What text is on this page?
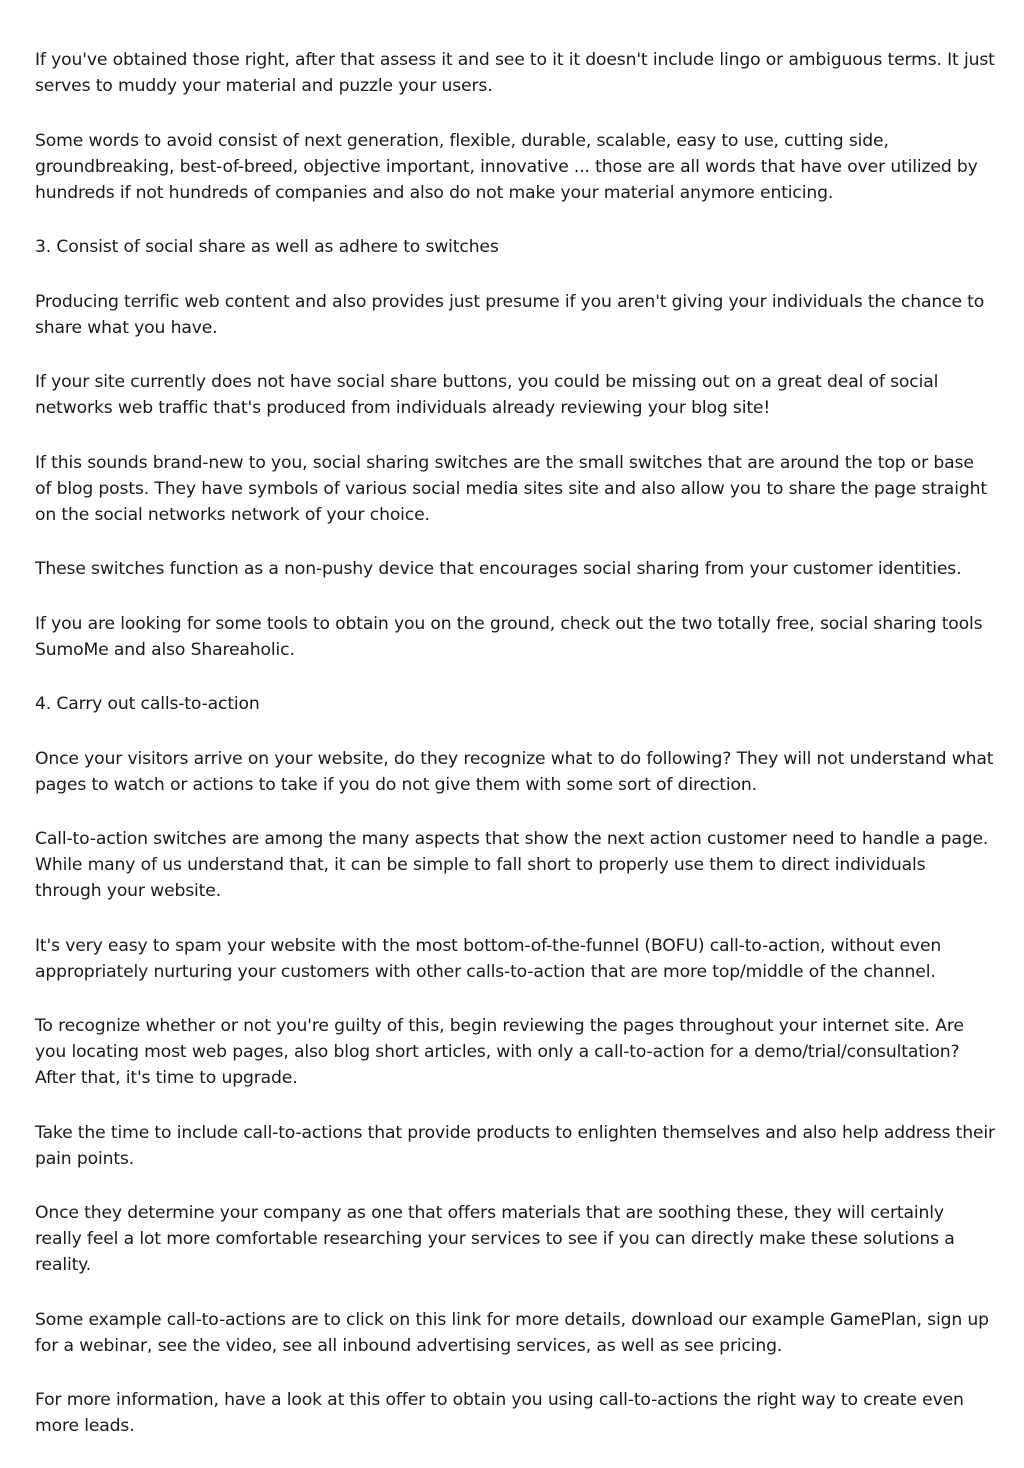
If you've obtained those right, after that assess it and see to it it doesn't include lingo or ambiguous terms. It just serves to muddy your material and puzzle your users.

Some words to avoid consist of next generation, flexible, durable, scalable, easy to use, cutting side, groundbreaking, best-of-breed, objective important, innovative ... those are all words that have over utilized by hundreds if not hundreds of companies and also do not make your material anymore enticing.

3. Consist of social share as well as adhere to switches

Producing terrific web content and also provides just presume if you aren't giving your individuals the chance to share what you have.

If your site currently does not have social share buttons, you could be missing out on a great deal of social networks web traffic that's produced from individuals already reviewing your blog site!

If this sounds brand-new to you, social sharing switches are the small switches that are around the top or base of blog posts. They have symbols of various social media sites site and also allow you to share the page straight on the social networks network of your choice.

These switches function as a non-pushy device that encourages social sharing from your customer identities.

If you are looking for some tools to obtain you on the ground, check out the two totally free, social sharing tools SumoMe and also Shareaholic.

4. Carry out calls-to-action

Once your visitors arrive on your website, do they recognize what to do following? They will not understand what pages to watch or actions to take if you do not give them with some sort of direction.

Call-to-action switches are among the many aspects that show the next action customer need to handle a page. While many of us understand that, it can be simple to fall short to properly use them to direct individuals through your website.

It's very easy to spam your website with the most bottom-of-the-funnel (BOFU) call-to-action, without even appropriately nurturing your customers with other calls-to-action that are more top/middle of the channel.

To recognize whether or not you're guilty of this, begin reviewing the pages throughout your internet site. Are you locating most web pages, also blog short articles, with only a call-to-action for a demo/trial/consultation? After that, it's time to upgrade.

Take the time to include call-to-actions that provide products to enlighten themselves and also help address their pain points.

Once they determine your company as one that offers materials that are soothing these, they will certainly really feel a lot more comfortable researching your services to see if you can directly make these solutions a reality.

Some example call-to-actions are to click on this link for more details, download our example GamePlan, sign up for a webinar, see the video, see all inbound advertising services, as well as see pricing.

For more information, have a look at this offer to obtain you using call-to-actions the right way to create even more leads.
